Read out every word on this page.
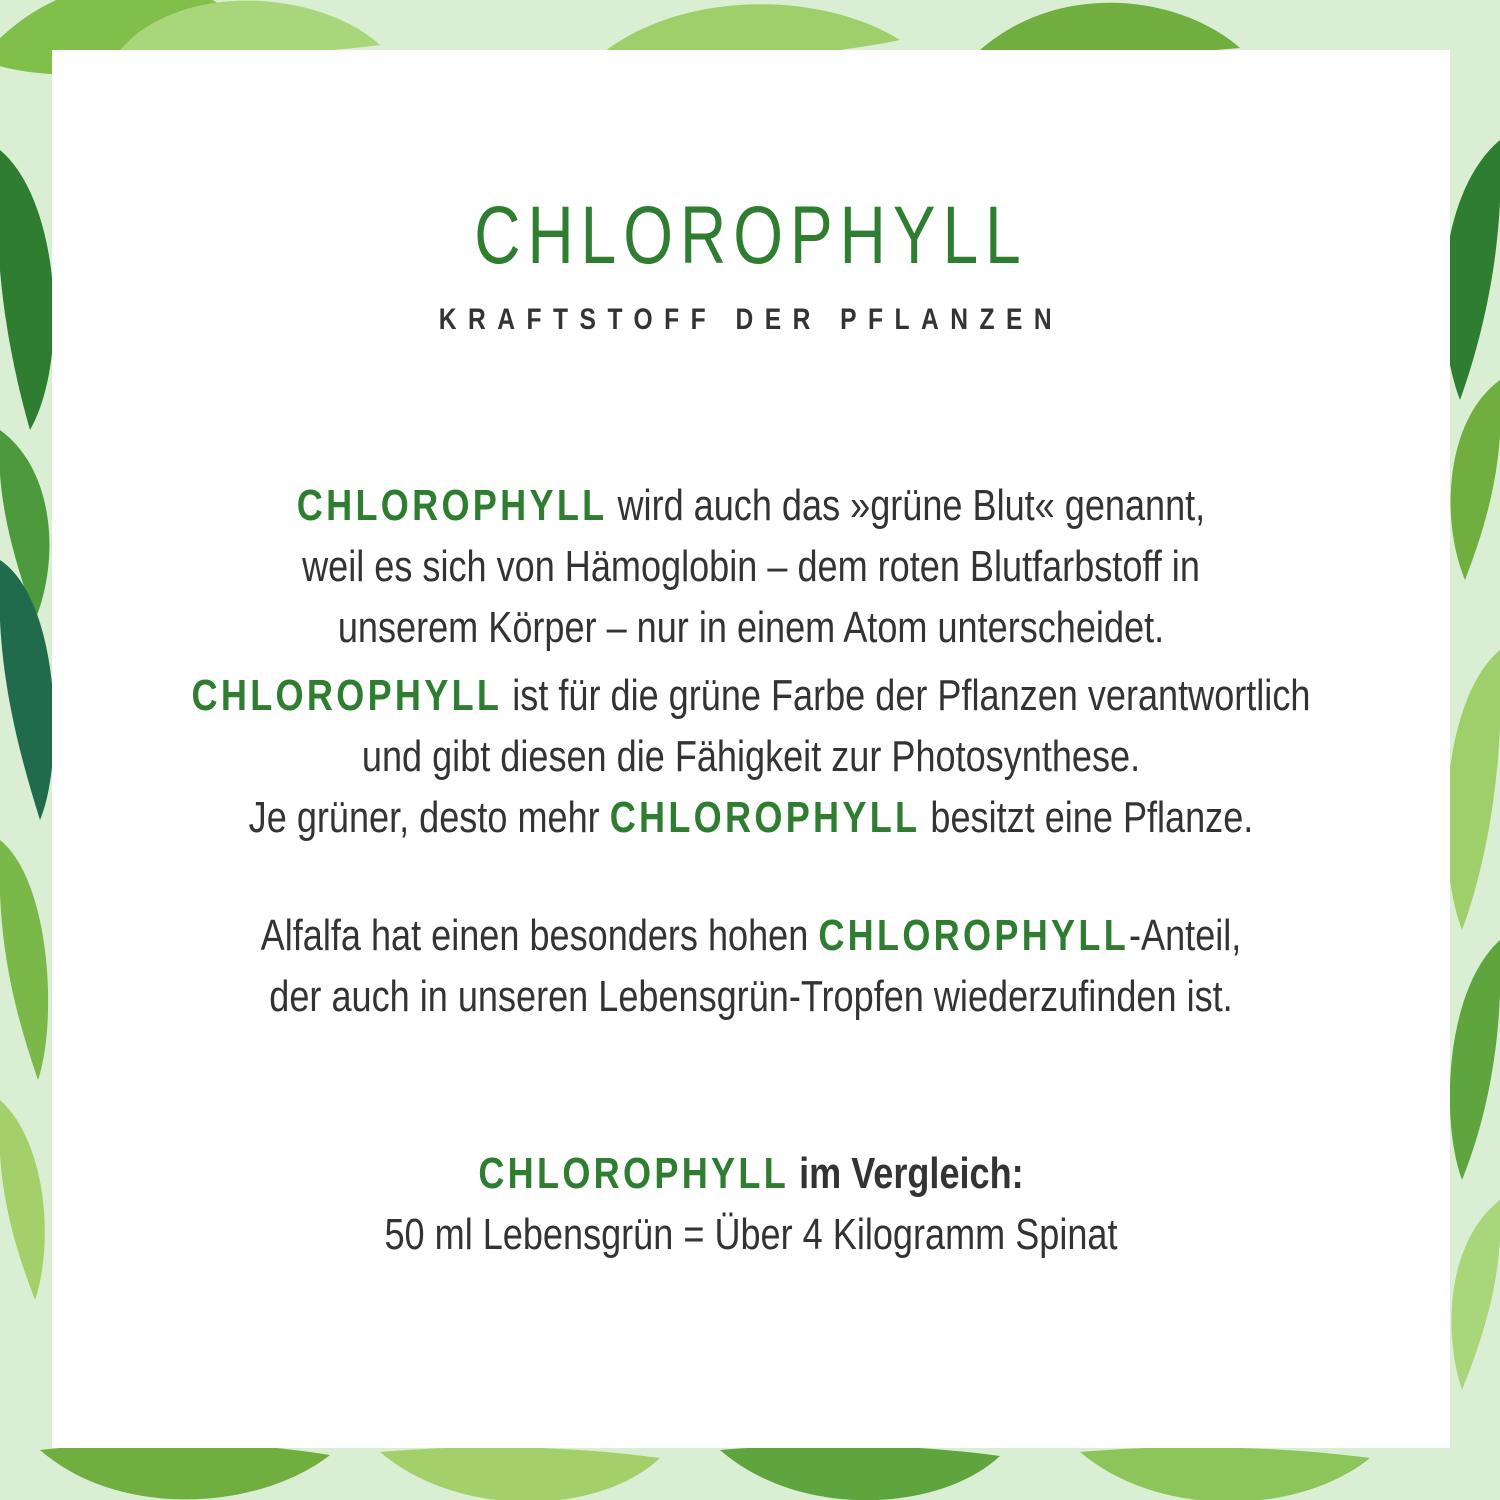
CHLOROPHYLL
KRAFTSTOFF DER PFLANZEN
CHLOROPHYLL wird auch das »grüne Blut« genannt,
weil es sich von Hämoglobin – dem roten Blutfarbstoff in
unserem Körper – nur in einem Atom unterscheidet.
CHLOROPHYLL ist für die grüne Farbe der Pflanzen verantwortlich
und gibt diesen die Fähigkeit zur Photosynthese.
Je grüner, desto mehr CHLOROPHYLL besitzt eine Pflanze.
Alfalfa hat einen besonders hohen CHLOROPHYLL-Anteil,
der auch in unseren Lebensgrün-Tropfen wiederzufinden ist.
CHLOROPHYLL im Vergleich:
50 ml Lebensgrün = Über 4 Kilogramm Spinat
